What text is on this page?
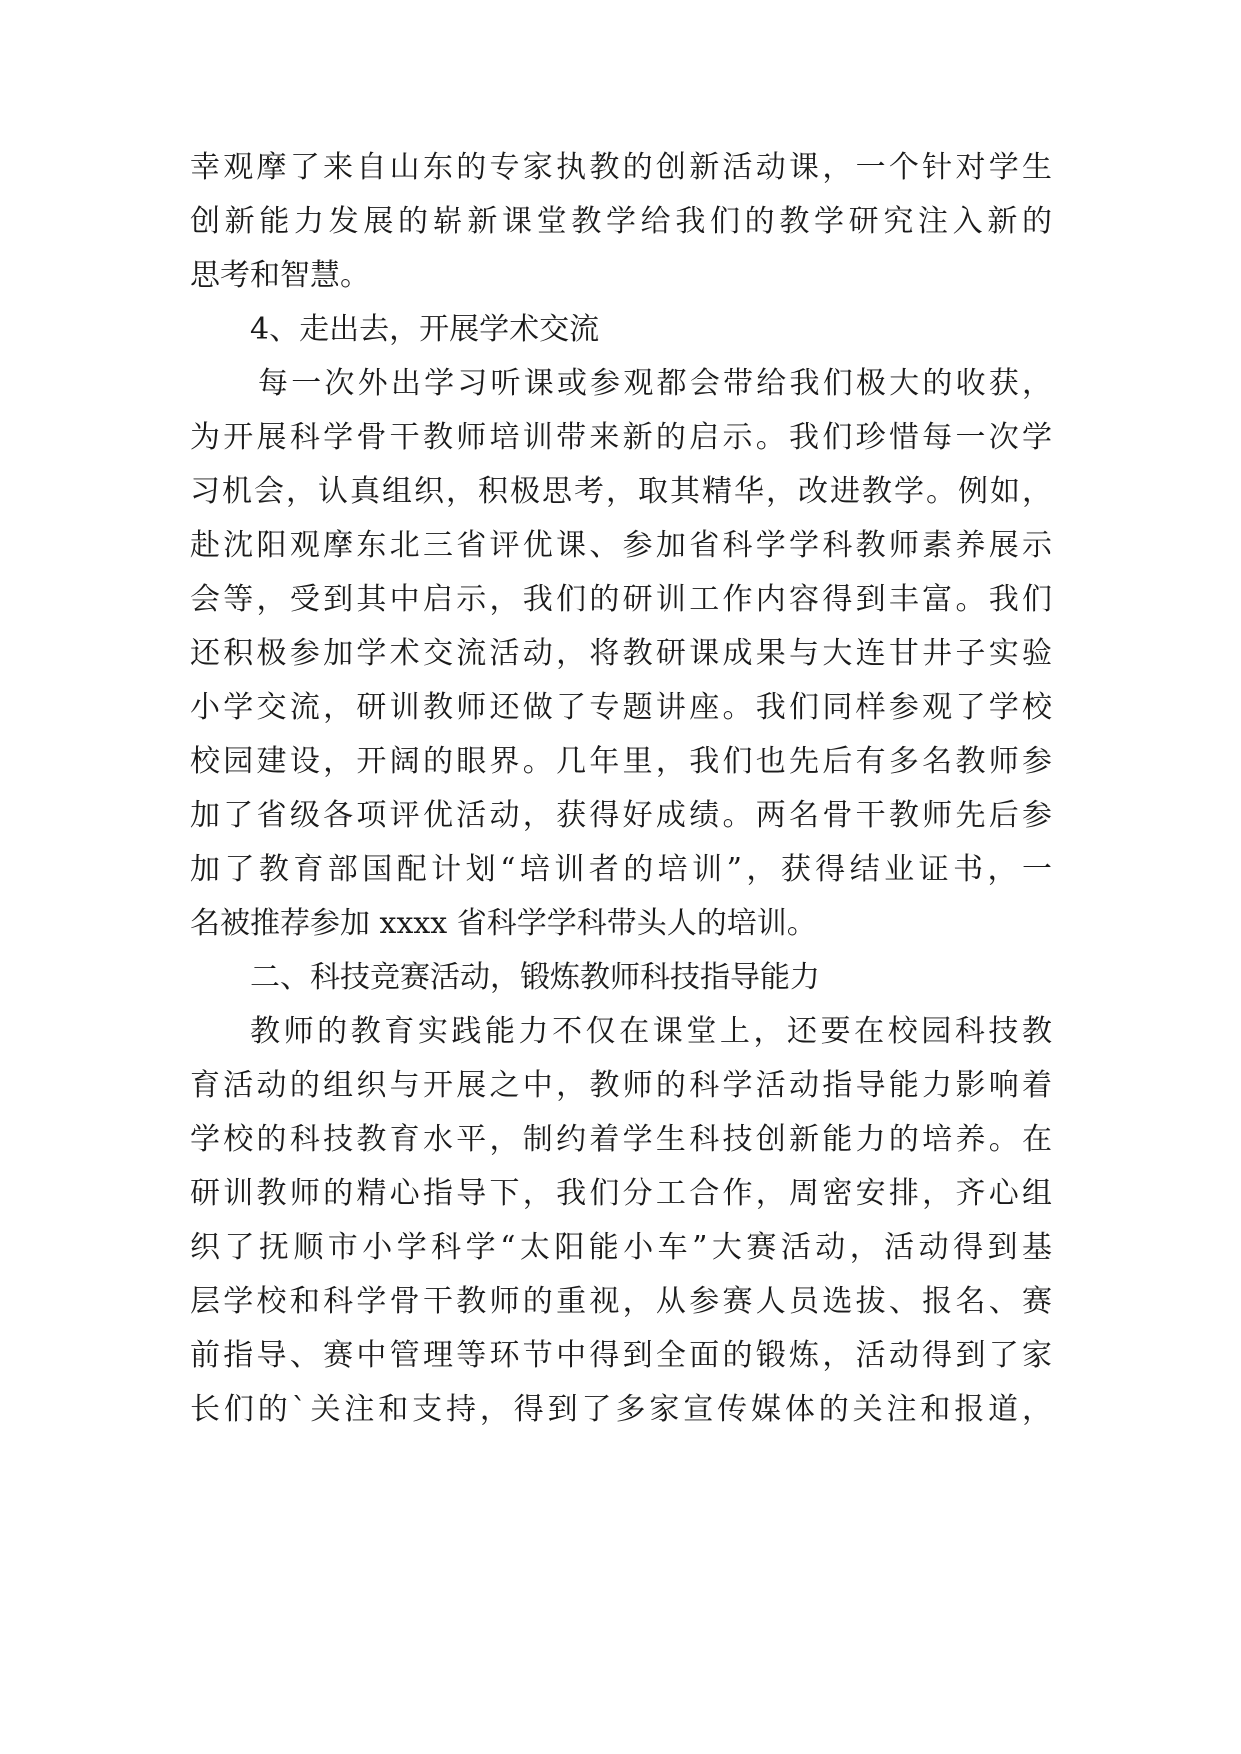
幸观摩了来自山东的专家执教的创新活动课，一个针对学生
创新能力发展的崭新课堂教学给我们的教学研究注入新的
思考和智慧。
4、走出去，开展学术交流
每一次外出学习听课或参观都会带给我们极大的收获，
为开展科学骨干教师培训带来新的启示。我们珍惜每一次学
习机会，认真组织，积极思考，取其精华，改进教学。例如，
赴沈阳观摩东北三省评优课、参加省科学学科教师素养展示
会等，受到其中启示，我们的研训工作内容得到丰富。我们
还积极参加学术交流活动，将教研课成果与大连甘井子实验
小学交流，研训教师还做了专题讲座。我们同样参观了学校
校园建设，开阔的眼界。几年里，我们也先后有多名教师参
加了省级各项评优活动，获得好成绩。两名骨干教师先后参
加了教育部国配计划“培训者的培训”，获得结业证书，一
名被推荐参加 xxxx 省科学学科带头人的培训。
二、科技竞赛活动，锻炼教师科技指导能力
教师的教育实践能力不仅在课堂上，还要在校园科技教
育活动的组织与开展之中，教师的科学活动指导能力影响着
学校的科技教育水平，制约着学生科技创新能力的培养。在
研训教师的精心指导下，我们分工合作，周密安排，齐心组
织了抚顺市小学科学“太阳能小车”大赛活动，活动得到基
层学校和科学骨干教师的重视，从参赛人员选拔、报名、赛
前指导、赛中管理等环节中得到全面的锻炼，活动得到了家
长们的`关注和支持，得到了多家宣传媒体的关注和报道，
